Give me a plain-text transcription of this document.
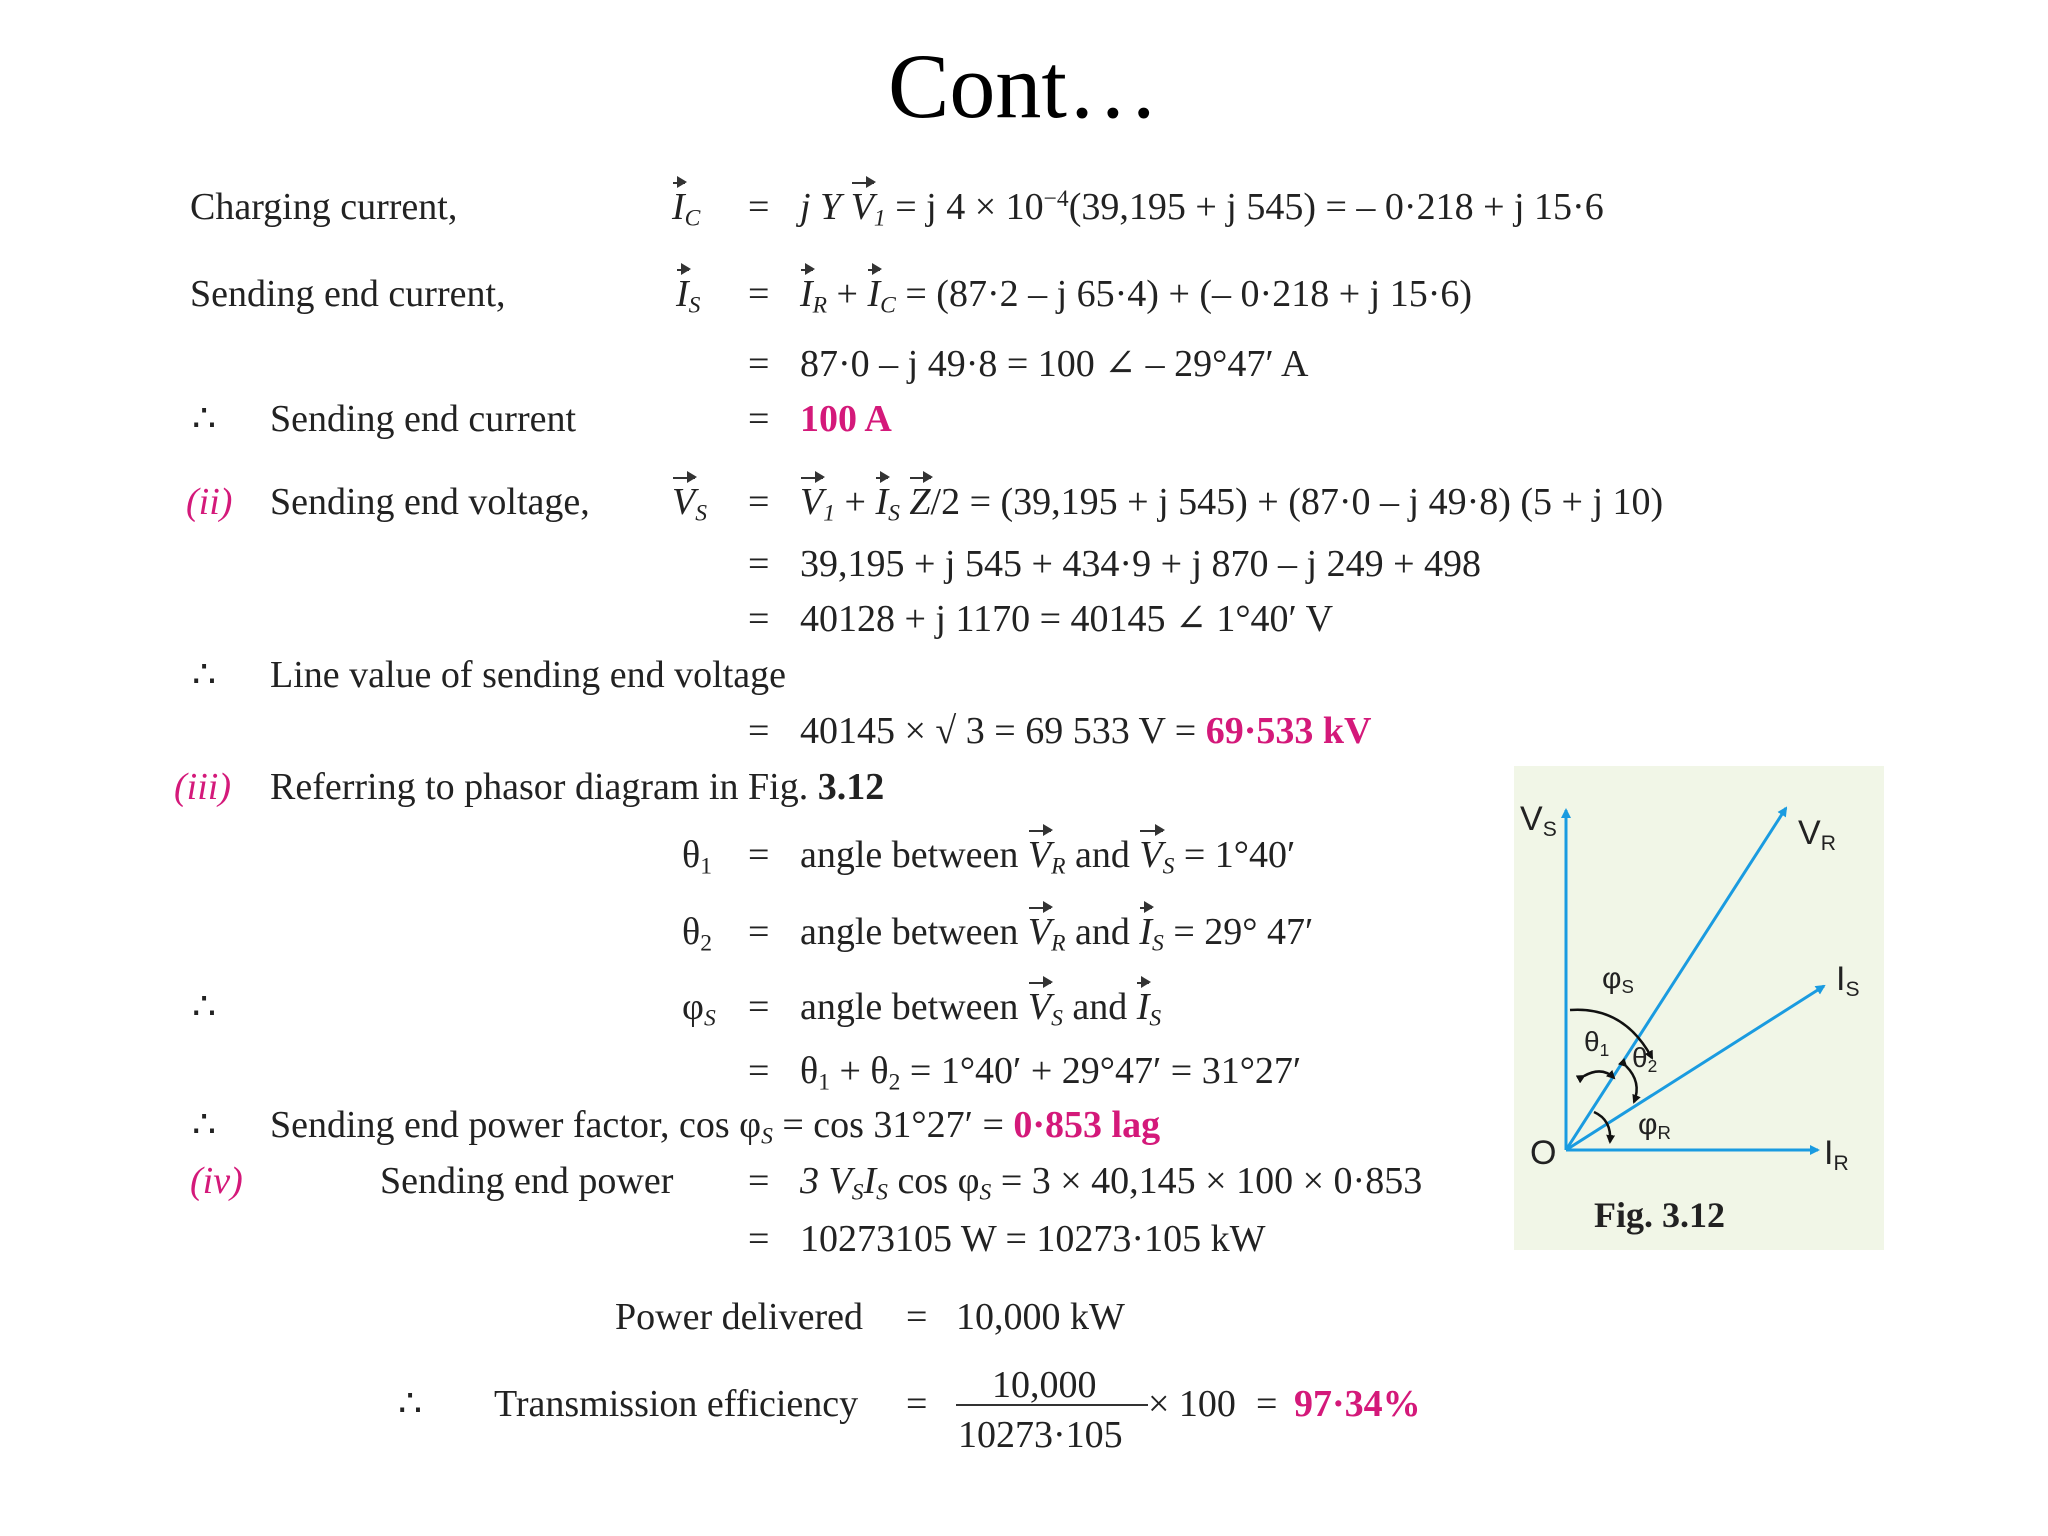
Cont…
Charging current,	$I_C = j$ Y $V_1 = j$ $4 \times 10^{-4}(39,195 + j$ 545) = – 0·218 + j 15·6
Sending end current,	$I_S = I_R + I_C = (87\cdot 2 - j$ 65·4) + (– 0·218 + j 15·6)
= 87·0 – j 49·8 = 100 ∠ – 29°47′ A
∴ Sending end current	= 100 A
(ii) Sending end voltage, $V_S = V_1 + I_S$ Z/2 = (39,195 + j 545) + (87·0 – j 49·8) (5 + j 10)
= 39,195 + j 545 + 434·9 + j 870 – j 249 + 498
= 40128 + j 1170 = 40145 ∠ 1°40′ V
∴ Line value of sending end voltage
= 40145 × √ 3 = 69 533 V = 69·533 kV
(iii) Referring to phasor diagram in Fig. 3.12
$\theta_1$ = angle between $V_R$ and $V_S = 1^\circ 40'$
$\theta_2$ = angle between $V_R$ and $I_S = 29^\circ$ 47′
∴	$\varphi_S$ = angle between $V_S$ and $I_S$
= $\theta_1 + \theta_2 = 1^\circ 40' + 29^\circ 47' = 31^\circ 27'$
∴ Sending end power factor, $\cos \varphi_S = \cos 31^\circ 27' = 0\cdot 853$ lag
(iv)	Sending end power = 3 $V_SI_S$ $\cos \varphi_S = 3 \times 40,145 \times 100 \times 0\cdot 853$
= 10273105 W = 10273·105 kW
Power delivered = 10,000 kW
∴ Transmission efficiency = 10,000
10273·105
× 100 = 97·34%
$V_S$	$V_R$
$I_S$
$I_R$
O
$\varphi_S$
$\theta_1$ $\theta_2$
$\varphi_R$
Fig. 3.12
